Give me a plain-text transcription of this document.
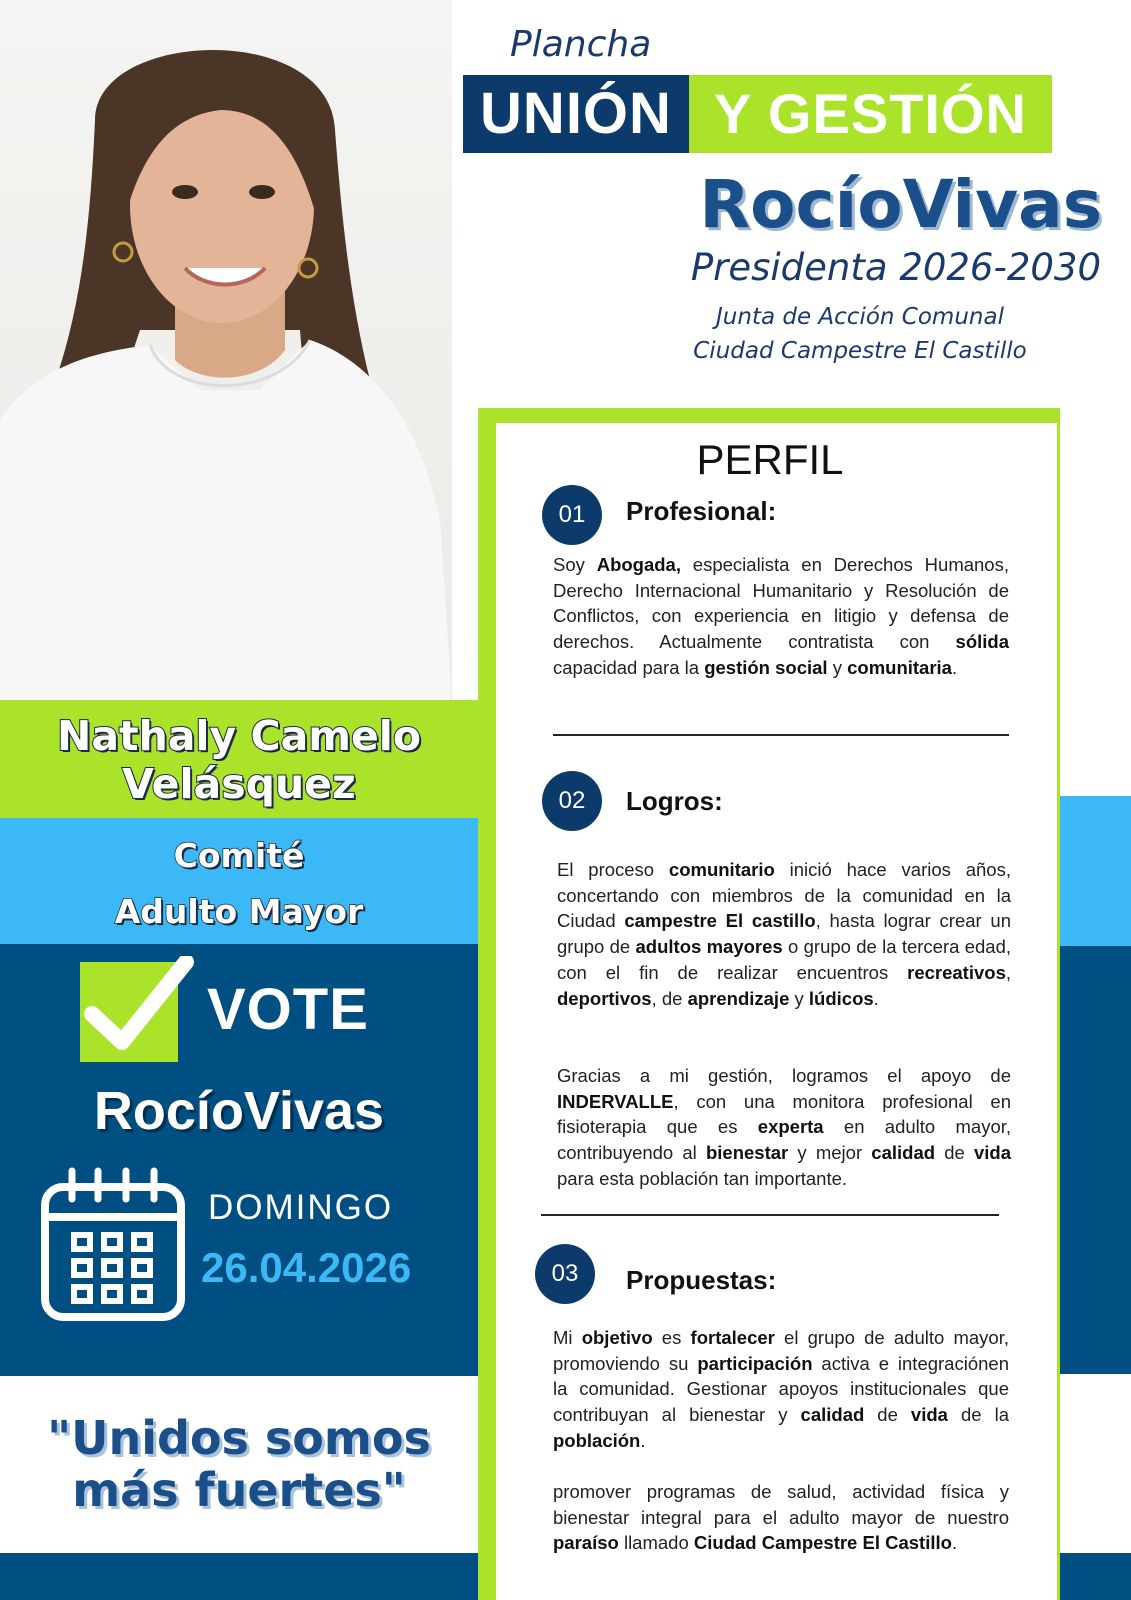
Nathaly Camelo
Velásquez
Comité
Adulto Mayor
VOTE
RocíoVivas
DOMINGO
26.04.2026
"Unidos somos
más fuertes"
Plancha
UNIÓN Y GESTIÓN
RocíoVivas
Presidenta 2026-2030
Junta de Acción Comunal
Ciudad Campestre El Castillo
PERFIL
01	Profesional:
Soy Abogada, especialista en Derechos Humanos, Derecho Internacional Humanitario y Resolución de Conflictos, con experiencia en litigio y defensa de derechos. Actualmente contratista con sólida capacidad para la gestión social y comunitaria.
02	Logros:
El proceso comunitario inició hace varios años, concertando con miembros de la comunidad en la Ciudad campestre El castillo, hasta lograr crear un grupo de adultos mayores o grupo de la tercera edad, con el fin de realizar encuentros recreativos, deportivos, de aprendizaje y lúdicos.
Gracias a mi gestión, logramos el apoyo de INDERVALLE, con una monitora profesional en fisioterapia que es experta en adulto mayor, contribuyendo al bienestar y mejor calidad de vida para esta población tan importante.
03	Propuestas:
Mi objetivo es fortalecer el grupo de adulto mayor, promoviendo su participación activa e integraciónen la comunidad. Gestionar apoyos institucionales que contribuyan al bienestar y calidad de vida de la población.
promover programas de salud, actividad física y bienestar integral para el adulto mayor de nuestro paraíso llamado Ciudad Campestre El Castillo.
